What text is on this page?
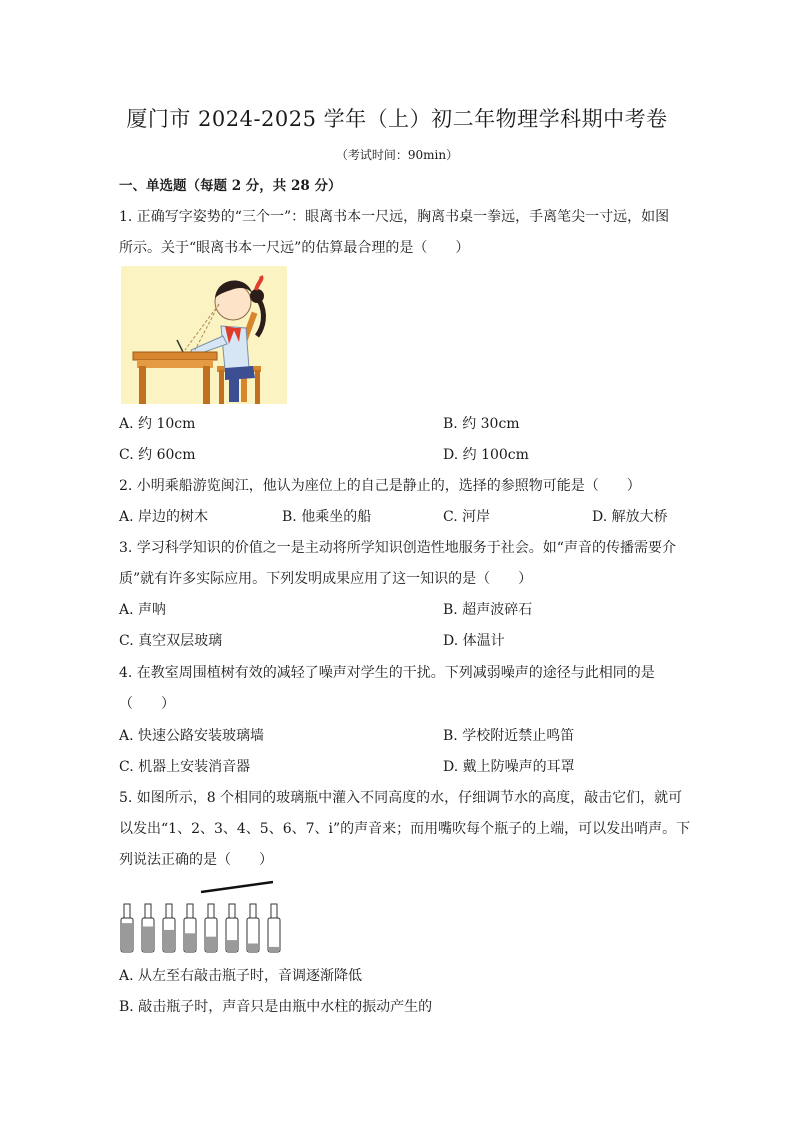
厦门市 2024-2025 学年（上）初二年物理学科期中考卷
（考试时间：90min）
一、单选题（每题 2 分，共 28 分）
1. 正确写字姿势的“三个一”：眼离书本一尺远，胸离书桌一拳远，手离笔尖一寸远，如图
所示。关于“眼离书本一尺远”的估算最合理的是（　　）
A. 约 10cm	B. 约 30cm
C. 约 60cm	D. 约 100cm
2. 小明乘船游览闽江，他认为座位上的自己是静止的，选择的参照物可能是（　　）
A. 岸边的树木	B. 他乘坐的船	C. 河岸	D. 解放大桥
3. 学习科学知识的价值之一是主动将所学知识创造性地服务于社会。如“声音的传播需要介
质”就有许多实际应用。下列发明成果应用了这一知识的是（　　）
A. 声呐	B. 超声波碎石
C. 真空双层玻璃	D. 体温计
4. 在教室周围植树有效的减轻了噪声对学生的干扰。下列减弱噪声的途径与此相同的是
（　　）
A. 快速公路安装玻璃墙	B. 学校附近禁止鸣笛
C. 机器上安装消音器	D. 戴上防噪声的耳罩
5. 如图所示，8 个相同的玻璃瓶中灌入不同高度的水，仔细调节水的高度，敲击它们，就可
以发出“1、2、3、4、5、6、7、i”的声音来；而用嘴吹每个瓶子的上端，可以发出哨声。下
列说法正确的是（　　）
A. 从左至右敲击瓶子时，音调逐渐降低
B. 敲击瓶子时，声音只是由瓶中水柱的振动产生的
